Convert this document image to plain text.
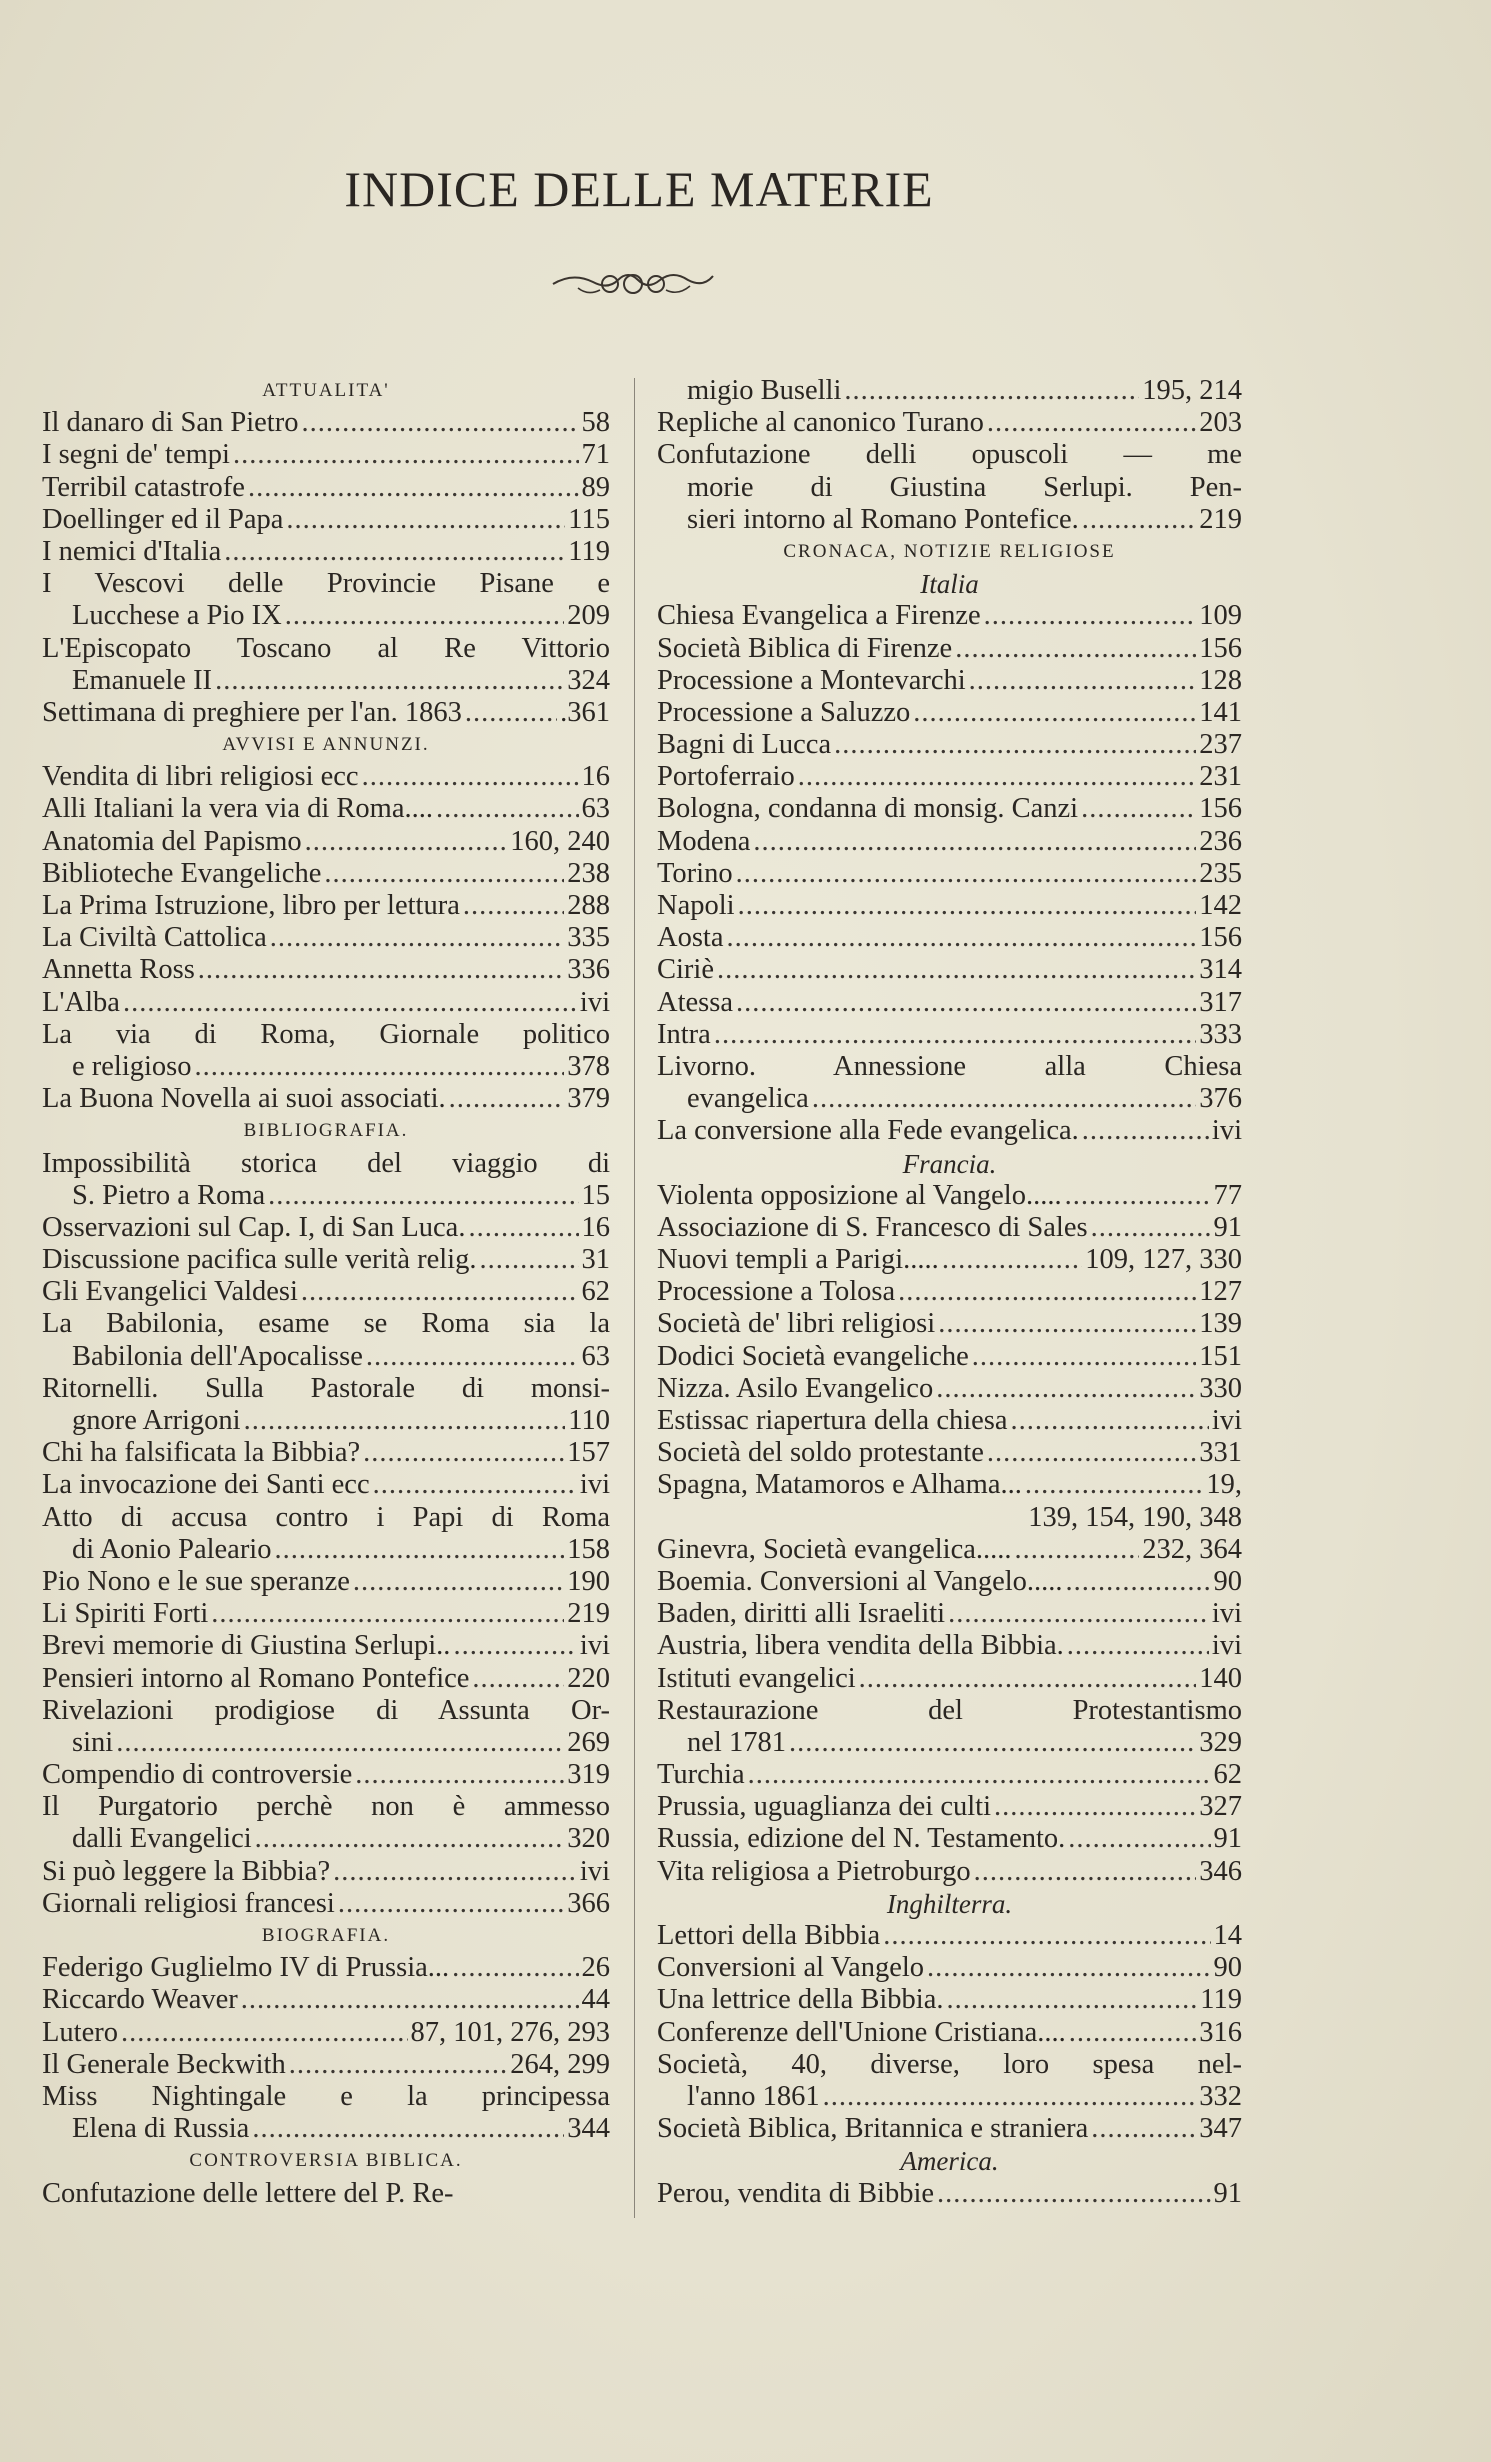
INDICE DELLE MATERIE
ATTUALITA'
Il danaro di San Pietro .....	58
I segni de' tempi .....	71
Terribil catastrofe .....	89
Doellinger ed il Papa .....	115
I nemici d'Italia .....	119
I Vescovi delle Provincie Pisane e
Lucchese a Pio IX .....	209
L'Episcopato Toscano al Re Vittorio
Emanuele II .....	324
Settimana di preghiere per l'an. 1863 .....	.361
AVVISI E ANNUNZI.
Vendita di libri religiosi ecc .....	16
Alli Italiani la vera via di Roma.... .....	63
Anatomia del Papismo .....	160, 240
Biblioteche Evangeliche .....	238
La Prima Istruzione, libro per lettura .....	288
La Civiltà Cattolica .....	335
Annetta Ross .....	336
L'Alba .....	ivi
La via di Roma, Giornale politico
e religioso .....	378
La Buona Novella ai suoi associati. .....	379
BIBLIOGRAFIA.
Impossibilità storica del viaggio di
S. Pietro a Roma .....	15
Osservazioni sul Cap. I, di San Luca. .....	16
Discussione pacifica sulle verità relig. .....	31
Gli Evangelici Valdesi .....	62
La Babilonia, esame se Roma sia la
Babilonia dell'Apocalisse .....	63
Ritornelli. Sulla Pastorale di monsi-
gnore Arrigoni .....	110
Chi ha falsificata la Bibbia? .....	157
La invocazione dei Santi ecc .....	ivi
Atto di accusa contro i Papi di Roma
di Aonio Paleario .....	158
Pio Nono e le sue speranze .....	190
Li Spiriti Forti .....	219
Brevi memorie di Giustina Serlupi.. .....	ivi
Pensieri intorno al Romano Pontefice .....	220
Rivelazioni prodigiose di Assunta Or-
sini .....	269
Compendio di controversie .....	319
Il Purgatorio perchè non è ammesso
dalli Evangelici .....	320
Si può leggere la Bibbia? .....	ivi
Giornali religiosi francesi .....	366
BIOGRAFIA.
Federigo Guglielmo IV di Prussia... .....	26
Riccardo Weaver .....	44
Lutero .....	87, 101, 276, 293
Il Generale Beckwith .....	264, 299
Miss Nightingale e la principessa
Elena di Russia .....	344
CONTROVERSIA BIBLICA.
Confutazione delle lettere del P. Re-
migio Buselli .....	195, 214
Repliche al canonico Turano .....	203
Confutazione delli opuscoli — me
morie di Giustina Serlupi. Pen-
sieri intorno al Romano Pontefice. .....	219
CRONACA, NOTIZIE RELIGIOSE
Italia
Chiesa Evangelica a Firenze .....	109
Società Biblica di Firenze .....	156
Processione a Montevarchi .....	128
Processione a Saluzzo .....	141
Bagni di Lucca .....	237
Portoferraio .....	231
Bologna, condanna di monsig. Canzi .....	156
Modena .....	236
Torino .....	235
Napoli .....	142
Aosta .....	156
Ciriè .....	314
Atessa .....	317
Intra .....	333
Livorno. Annessione alla Chiesa
evangelica .....	376
La conversione alla Fede evangelica. .....	ivi
Francia.
Violenta opposizione al Vangelo..... .....	77
Associazione di S. Francesco di Sales .....	91
Nuovi templi a Parigi..... .....	109, 127, 330
Processione a Tolosa .....	127
Società de' libri religiosi .....	139
Dodici Società evangeliche .....	151
Nizza. Asilo Evangelico .....	330
Estissac riapertura della chiesa .....	ivi
Società del soldo protestante .....	331
Spagna, Matamoros e Alhama... .....	19,
139, 154, 190, 348
Ginevra, Società evangelica..... .....	232, 364
Boemia. Conversioni al Vangelo..... .....	90
Baden, diritti alli Israeliti .....	ivi
Austria, libera vendita della Bibbia. .....	ivi
Istituti evangelici .....	140
Restaurazione del Protestantismo
nel 1781 .....	329
Turchia .....	62
Prussia, uguaglianza dei culti .....	327
Russia, edizione del N. Testamento. .....	91
Vita religiosa a Pietroburgo .....	346
Inghilterra.
Lettori della Bibbia .....	14
Conversioni al Vangelo .....	90
Una lettrice della Bibbia. .....	119
Conferenze dell'Unione Cristiana.... .....	316
Società, 40, diverse, loro spesa nel-
l'anno 1861 .....	332
Società Biblica, Britannica e straniera .....	347
America.
Perou, vendita di Bibbie .....	91
